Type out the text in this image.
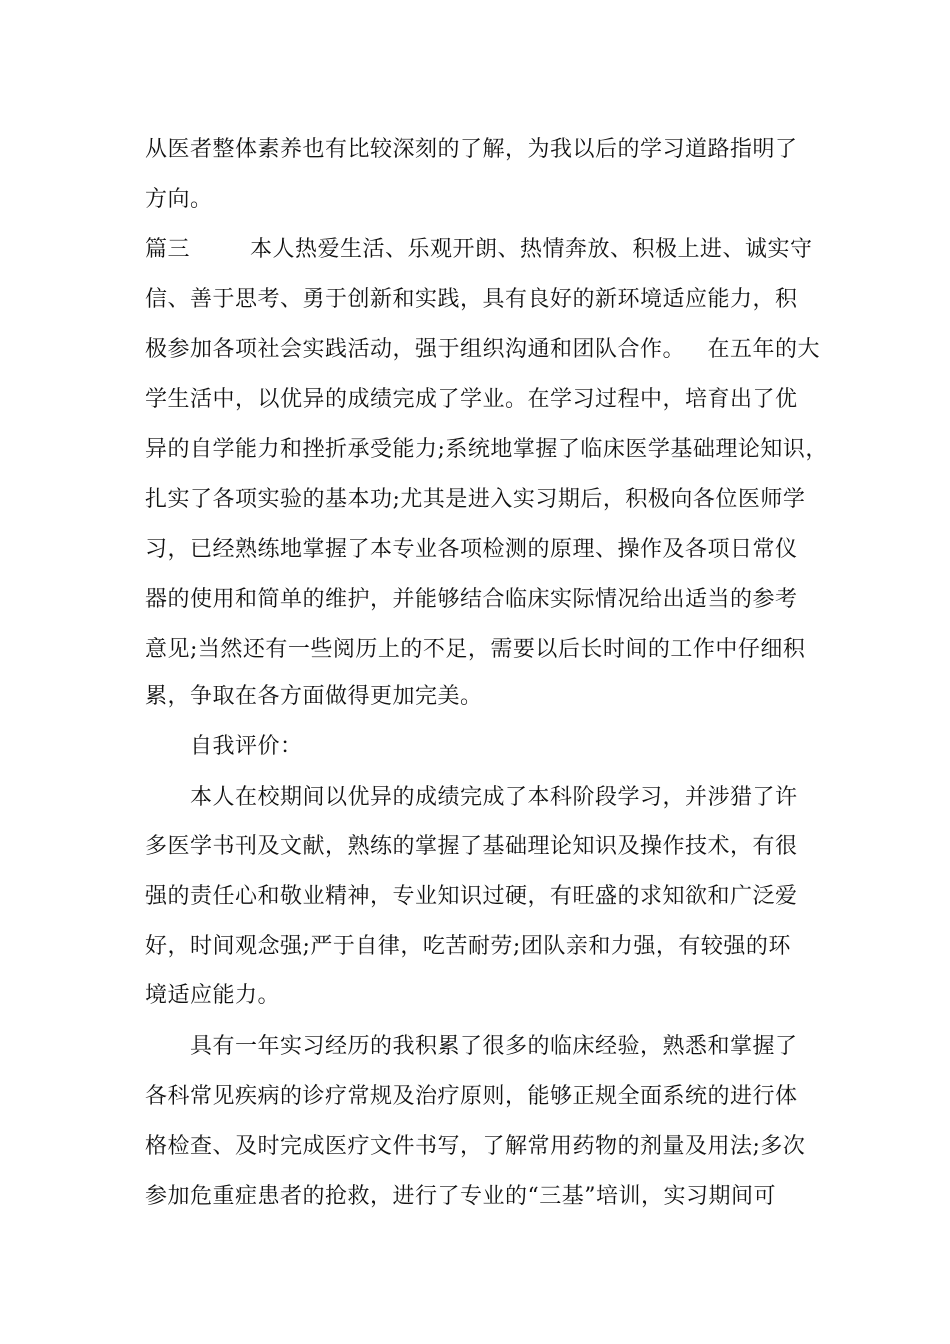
从医者整体素养也有比较深刻的了解，为我以后的学习道路指明了
方向。
篇三        本人热爱生活、乐观开朗、热情奔放、积极上进、诚实守
信、善于思考、勇于创新和实践，具有良好的新环境适应能力，积
极参加各项社会实践活动，强于组织沟通和团队合作。   在五年的大
学生活中，以优异的成绩完成了学业。在学习过程中，培育出了优
异的自学能力和挫折承受能力;系统地掌握了临床医学基础理论知识，
扎实了各项实验的基本功;尤其是进入实习期后，积极向各位医师学
习，已经熟练地掌握了本专业各项检测的原理、操作及各项日常仪
器的使用和简单的维护，并能够结合临床实际情况给出适当的参考
意见;当然还有一些阅历上的不足，需要以后长时间的工作中仔细积
累，争取在各方面做得更加完美。
自我评价：
本人在校期间以优异的成绩完成了本科阶段学习，并涉猎了许
多医学书刊及文献，熟练的掌握了基础理论知识及操作技术，有很
强的责任心和敬业精神，专业知识过硬，有旺盛的求知欲和广泛爱
好，时间观念强;严于自律，吃苦耐劳;团队亲和力强，有较强的环
境适应能力。
具有一年实习经历的我积累了很多的临床经验，熟悉和掌握了
各科常见疾病的诊疗常规及治疗原则，能够正规全面系统的进行体
格检查、及时完成医疗文件书写，了解常用药物的剂量及用法;多次
参加危重症患者的抢救，进行了专业的“三基”培训，实习期间可
